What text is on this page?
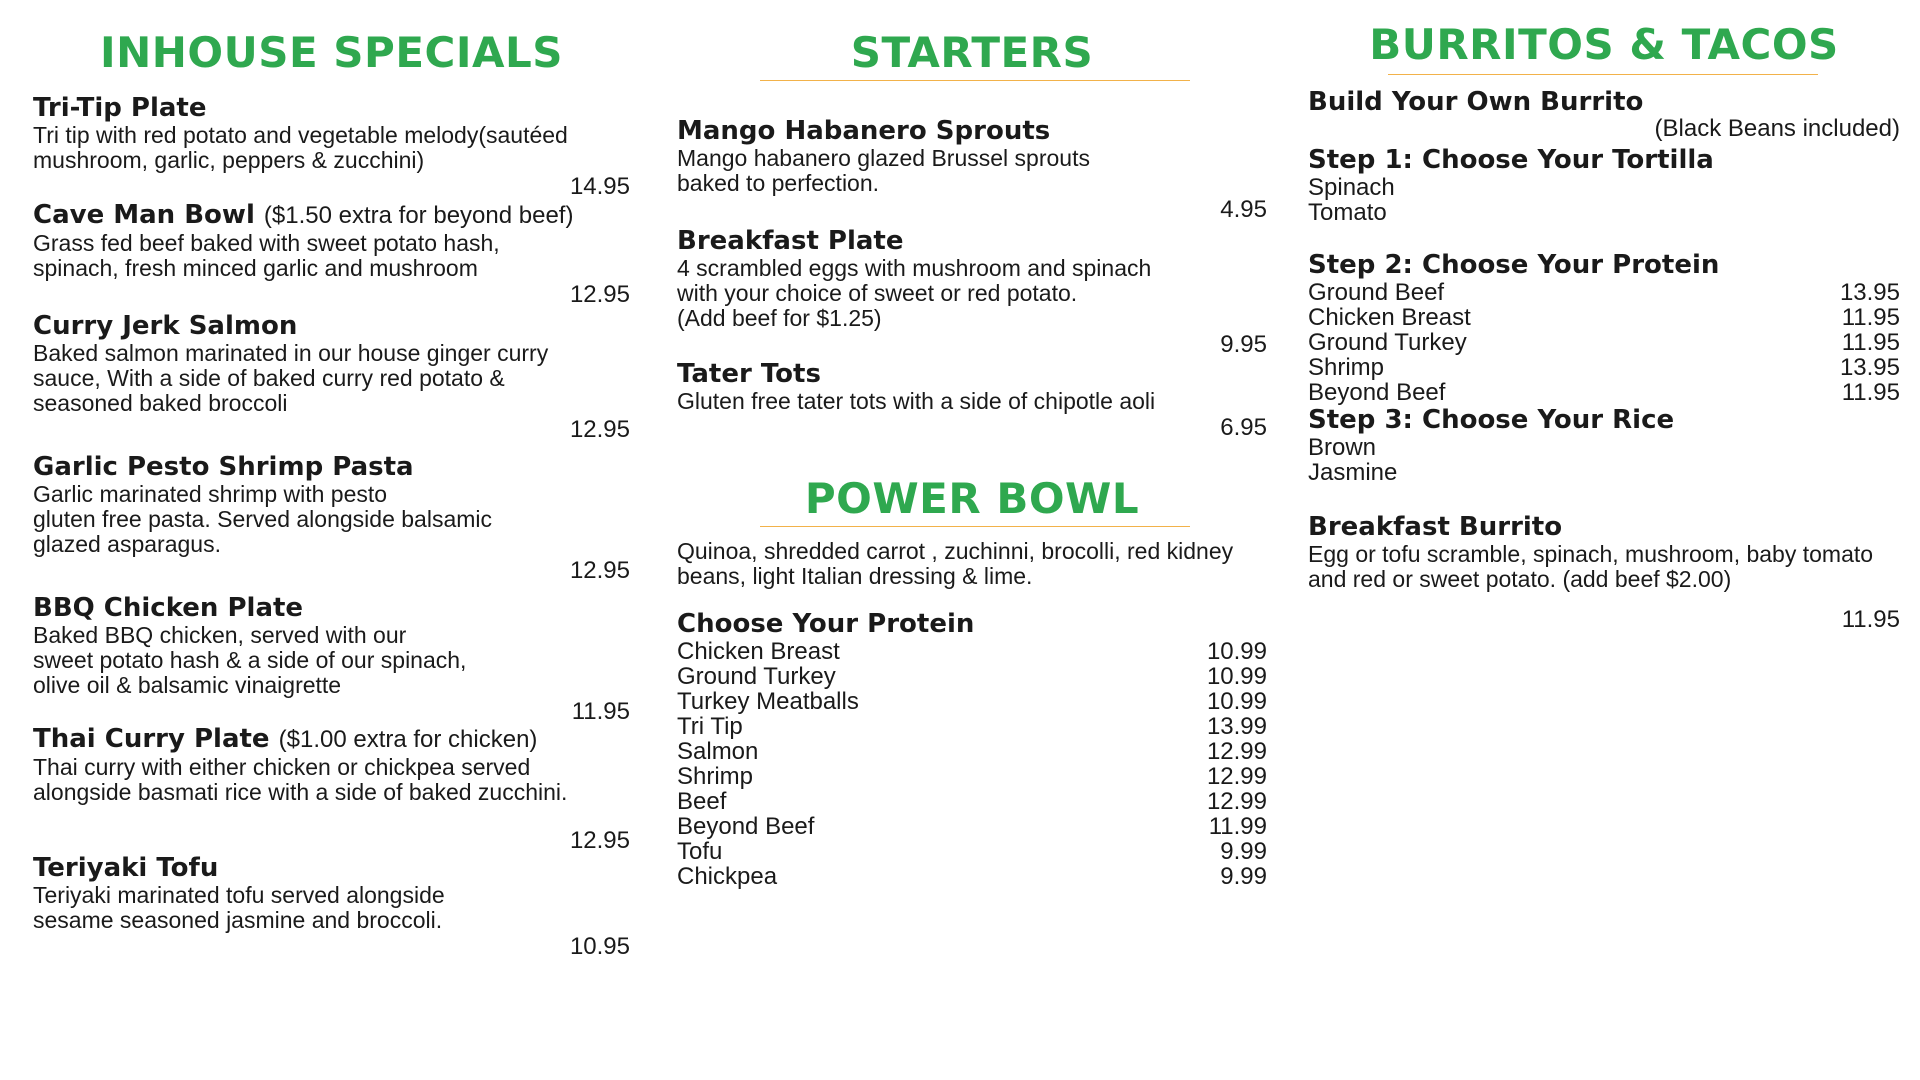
INHOUSE SPECIALS
Tri-Tip Plate
Tri tip with red potato and vegetable melody(sautéed
mushroom, garlic, peppers & zucchini)
14.95
Cave Man Bowl ($1.50 extra for beyond beef)
Grass fed beef baked with sweet potato hash,
spinach, fresh minced garlic and mushroom
12.95
Curry Jerk Salmon
Baked salmon marinated in our house ginger curry
sauce, With a side of baked curry red potato &
seasoned baked broccoli
12.95
Garlic Pesto Shrimp Pasta
Garlic marinated shrimp with pesto
gluten free pasta. Served alongside balsamic
glazed asparagus.
12.95
BBQ Chicken Plate
Baked BBQ chicken, served with our
sweet potato hash & a side of our spinach,
olive oil & balsamic vinaigrette
11.95
Thai Curry Plate ($1.00 extra for chicken)
Thai curry with either chicken or chickpea served
alongside basmati rice with a side of baked zucchini.
12.95
Teriyaki Tofu
Teriyaki marinated tofu served alongside
sesame seasoned jasmine and broccoli.
10.95
STARTERS
Mango Habanero Sprouts
Mango habanero glazed Brussel sprouts
baked to perfection.
4.95
Breakfast Plate
4 scrambled eggs with mushroom and spinach
with your choice of sweet or red potato.
(Add beef for $1.25)
9.95
Tater Tots
Gluten free tater tots with a side of chipotle aoli
6.95
POWER BOWL
Quinoa, shredded carrot , zuchinni, brocolli, red kidney
beans, light Italian dressing & lime.
Choose Your Protein
Chicken Breast	10.99
Ground Turkey	10.99
Turkey Meatballs	10.99
Tri Tip	13.99
Salmon	12.99
Shrimp	12.99
Beef	12.99
Beyond Beef	11.99
Tofu	9.99
Chickpea	9.99
BURRITOS & TACOS
Build Your Own Burrito
(Black Beans included)
Step 1: Choose Your Tortilla
Spinach
Tomato
Step 2: Choose Your Protein
Ground Beef	13.95
Chicken Breast	11.95
Ground Turkey	11.95
Shrimp	13.95
Beyond Beef	11.95
Step 3: Choose Your Rice
Brown
Jasmine
Breakfast Burrito
Egg or tofu scramble, spinach, mushroom, baby tomato
and red or sweet potato. (add beef $2.00)
11.95
